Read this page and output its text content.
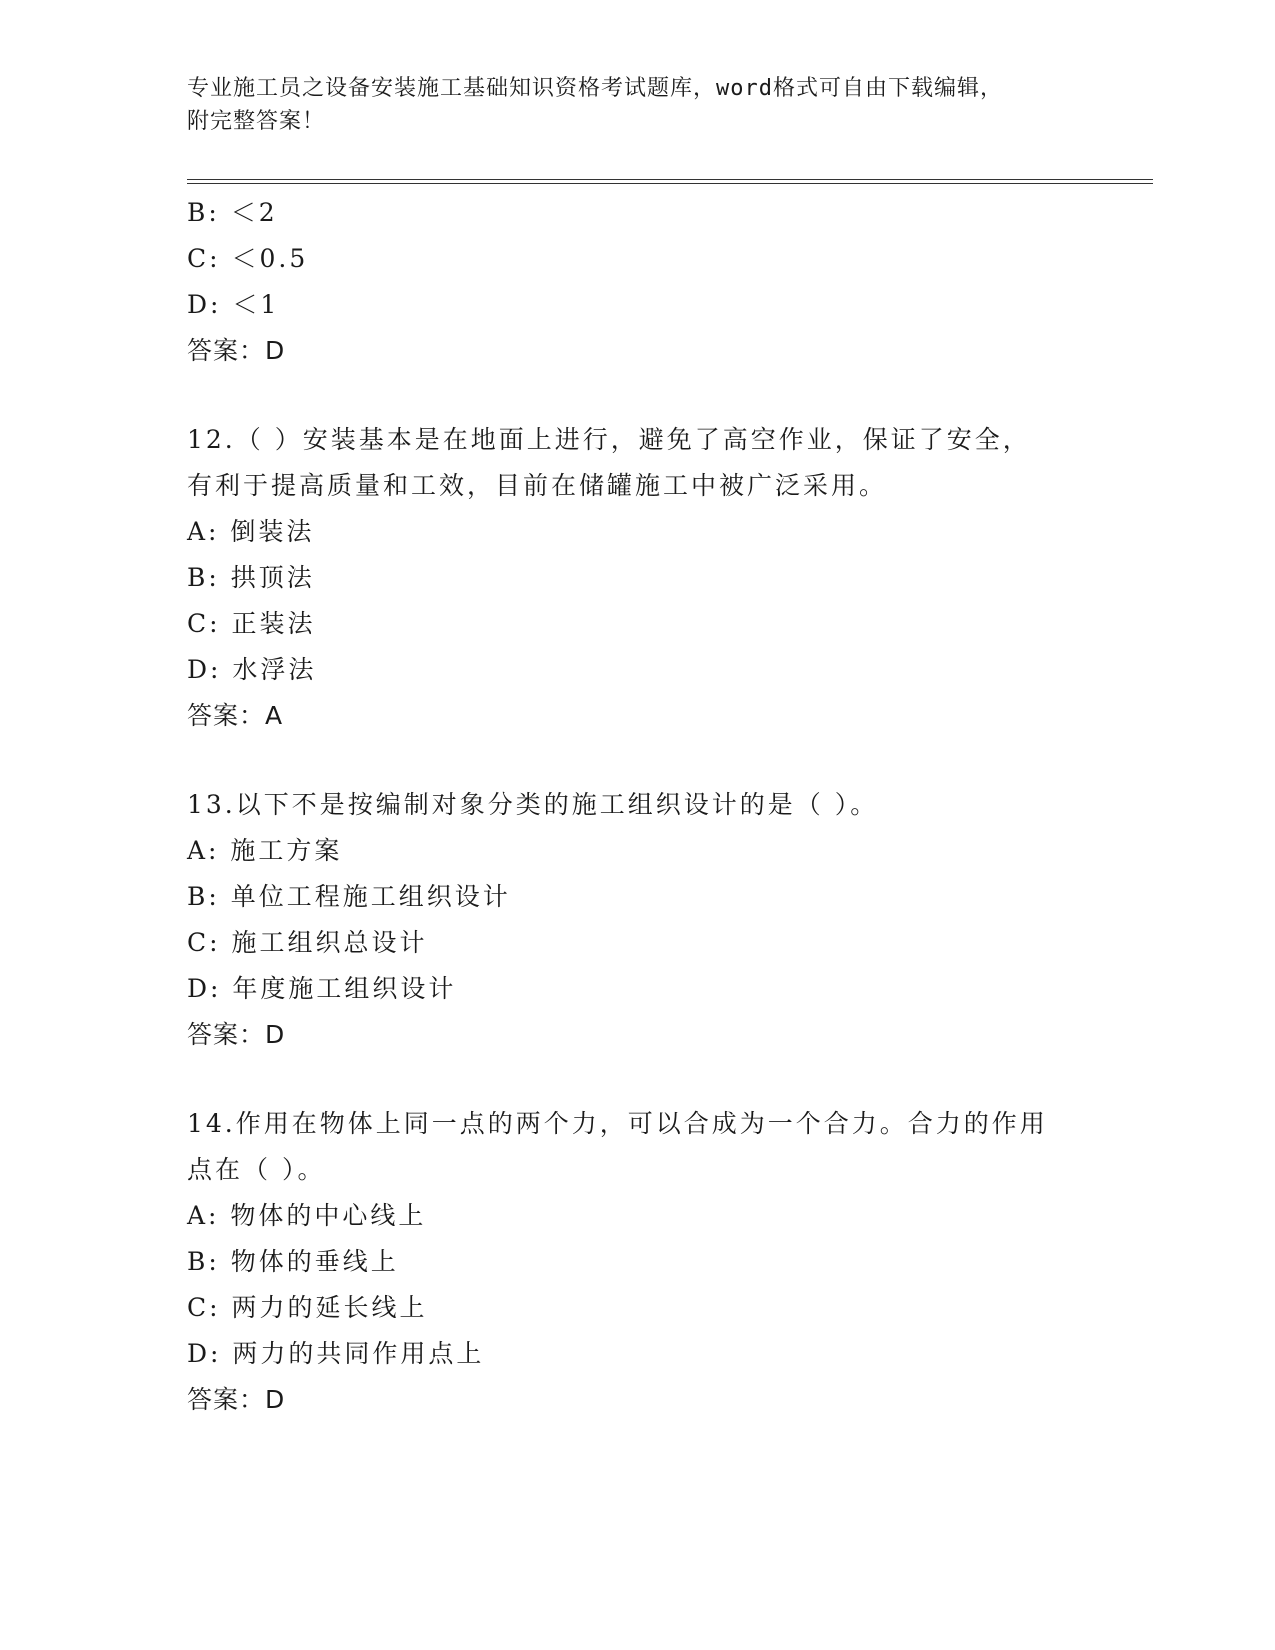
专业施工员之设备安装施工基础知识资格考试题库，word格式可自由下载编辑，
附完整答案！
B: ＜2
C: ＜0.5
D: ＜1
答案：D
12.（ ）安装基本是在地面上进行，避免了高空作业，保证了安全，
有利于提高质量和工效，目前在储罐施工中被广泛采用。
A: 倒装法
B: 拱顶法
C: 正装法
D: 水浮法
答案：A
13.以下不是按编制对象分类的施工组织设计的是（ ）。
A: 施工方案
B: 单位工程施工组织设计
C: 施工组织总设计
D: 年度施工组织设计
答案：D
14.作用在物体上同一点的两个力，可以合成为一个合力。合力的作用
点在（ ）。
A: 物体的中心线上
B: 物体的垂线上
C: 两力的延长线上
D: 两力的共同作用点上
答案：D
